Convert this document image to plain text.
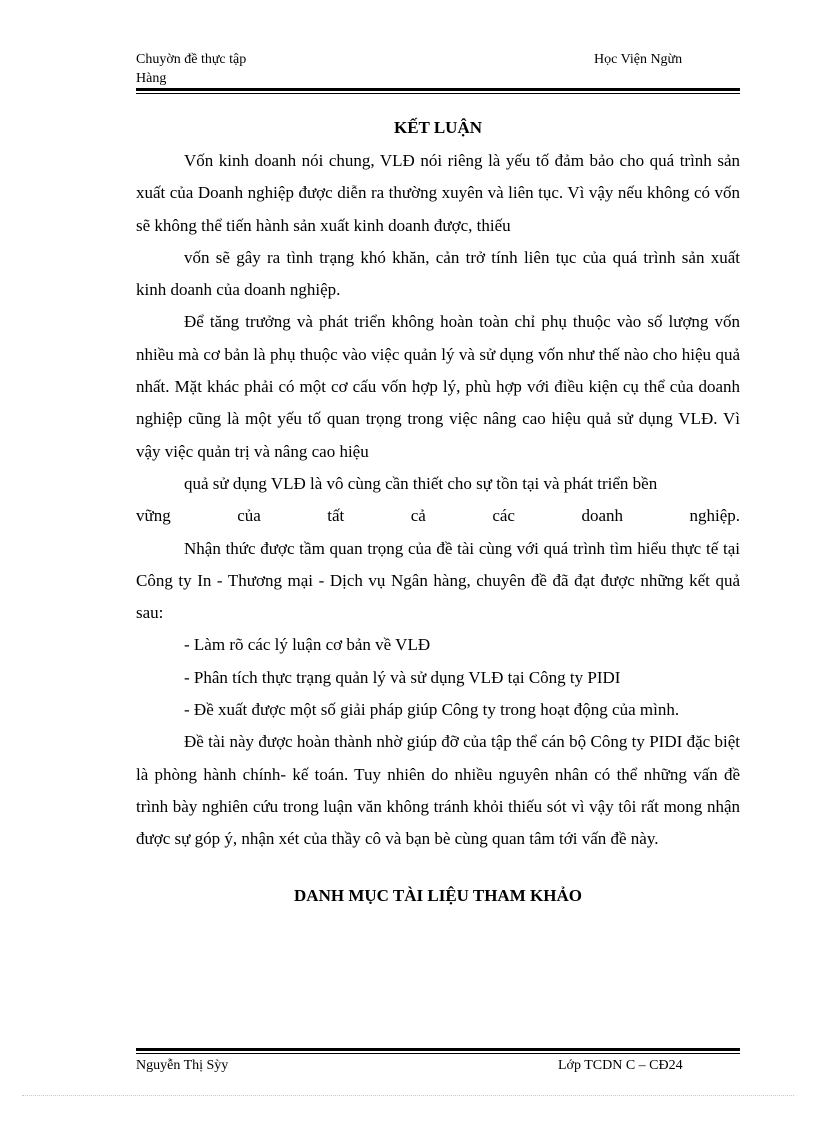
Chuyờn đề thực tập
Hàng
Học Viện Ngừn
KẾT LUẬN

Vốn kinh doanh nói chung, VLĐ nói riêng là yếu tố đảm bảo cho quá trình sản xuất của Doanh nghiệp được diễn ra thường xuyên và liên tục. Vì vậy nếu không có vốn sẽ không thể tiến hành sản xuất kinh doanh được, thiếu

vốn sẽ gây ra tình trạng khó khăn, cản trở tính liên tục của quá trình sản xuất kinh doanh của doanh nghiệp.

Để tăng trưởng và phát triển không hoàn toàn chỉ phụ thuộc vào số lượng vốn nhiều mà cơ bản là phụ thuộc vào việc quản lý và sử dụng vốn như thế nào cho hiệu quả nhất. Mặt khác phải có một cơ cấu vốn hợp lý, phù hợp với điều kiện cụ thể của doanh nghiệp cũng là một yếu tố quan trọng trong việc nâng cao hiệu quả sử dụng VLĐ. Vì vậy việc quản trị và nâng cao hiệu

quả sử dụng VLĐ là vô cùng cần thiết cho sự tồn tại và phát triển bền

vững của tất cả các doanh nghiệp.

Nhận thức được tầm quan trọng của đề tài cùng với quá trình tìm hiểu thực tế tại Công ty In - Thương mại - Dịch vụ Ngân hàng, chuyên đề đã đạt được những kết quả sau:

- Làm rõ các lý luận cơ bản về VLĐ

- Phân tích thực trạng quản lý và sử dụng VLĐ tại Công ty PIDI

- Đề xuất được một số giải pháp giúp Công ty trong hoạt động của mình.

Đề tài này được hoàn thành nhờ giúp đỡ của tập thể cán bộ Công ty PIDI đặc biệt là phòng hành chính- kế toán. Tuy nhiên do nhiều nguyên nhân có thể những vấn đề trình bày nghiên cứu trong luận văn không tránh khỏi thiếu sót vì vậy tôi rất mong nhận được sự góp ý, nhận xét của thầy cô và bạn bè cùng quan tâm tới vấn đề này.

DANH MỤC TÀI LIỆU THAM KHẢO
Nguyễn Thị Sỳy	Lớp TCDN C – CĐ24
